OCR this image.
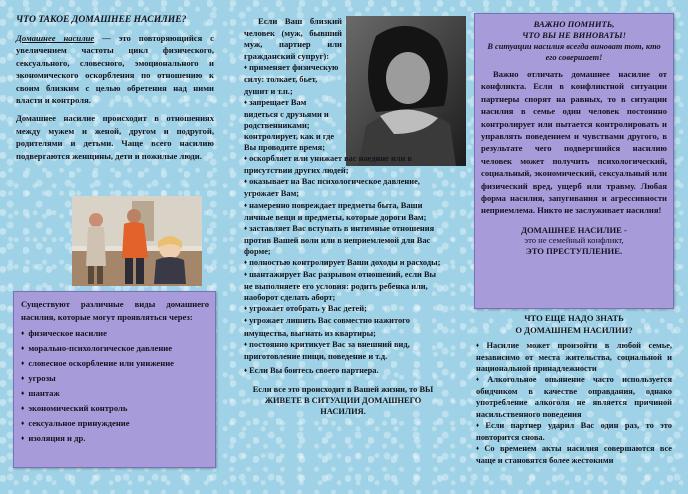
ЧТО ТАКОЕ ДОМАШНЕЕ НАСИЛИЕ?

Домашнее насилие — это повторяющийся с увеличением частоты цикл физического, сексуального, словесного, эмоционального и экономического оскорбления по отношению к своим близким с целью обретения над ними власти и контроля.

Домашнее насилие происходит в отношениях между мужем и женой, другом и подругой, родителями и детьми. Чаще всего насилию подвергаются женщины, дети и пожилые люди.

Существуют различные виды домашнего насилия, которые могут проявляться через:

♦ физическое насилие
♦ морально-психологическое давление
♦ словесное оскорбление или унижение
♦ угрозы
♦ шантаж
♦ экономический контроль
♦ сексуальное принуждение
♦ изоляция и др.

Если Ваш близкий человек (муж, бывший муж, партнер или гражданский супруг):

♦ применяет физическую силу: толкает, бьет, душит и т.п.;

♦ запрещает Вам видеться с друзьями и родственниками; контролирует, как и где Вы проводите время;

♦ оскорбляет или унижает вас наедине или в присутствии других людей;

♦ оказывает на Вас психологическое давление, угрожает Вам;

♦ намеренно повреждает предметы быта, Ваши личные вещи и предметы, которые дороги Вам;

♦ заставляет Вас вступать в интимные отношения против Вашей воли или в неприемлемой для Вас форме;

♦ полностью контролирует Ваши доходы и расходы;

♦ шантажирует Вас разрывом отношений, если Вы не выполняете его условия: родить ребенка или, наоборот сделать аборт;

♦ угрожает отобрать у Вас детей;

♦ угрожает лишить Вас совместно нажитого имущества, выгнать из квартиры;

♦ постоянно критикует Вас за внешний вид, приготовление пищи, поведение и т.д.

♦ Если Вы боитесь своего партнера.

Если все это происходит в Вашей жизни, то ВЫ ЖИВЕТЕ В СИТУАЦИИ ДОМАШНЕГО НАСИЛИЯ.

ВАЖНО ПОМНИТЬ,

ЧТО ВЫ НЕ ВИНОВАТЫ!

В ситуации насилия всегда виноват тот, кто его совершает!

Важно отличать домашнее насилие от конфликта. Если в конфликтной ситуации партнеры спорят на равных, то в ситуации насилия в семье один человек постоянно контролирует или пытается контролировать и управлять поведением и чувствами другого, в результате чего подвергшийся насилию человек может получить психологический, социальный, экономический, сексуальный или физический вред, ущерб или травму. Любая форма насилия, запугивания и агрессивности неприемлема. Никто не заслуживает насилия!

ДОМАШНЕЕ НАСИЛИЕ -

это не семейный конфликт,

ЭТО ПРЕСТУПЛЕНИЕ.

ЧТО ЕЩЕ НАДО ЗНАТЬ

О ДОМАШНЕМ НАСИЛИИ?

♦ Насилие может произойти в любой семье, независимо от места жительства, социальной и национальной принадлежности

♦ Алкогольное опьянение часто используется обидчиком в качестве оправдания, однако употребление алкоголя не является причиной насильственного поведения

♦ Если партнер ударил Вас один раз, то это повторится снова.

♦ Со временем акты насилия совершаются все чаще и становятся более жестокими
